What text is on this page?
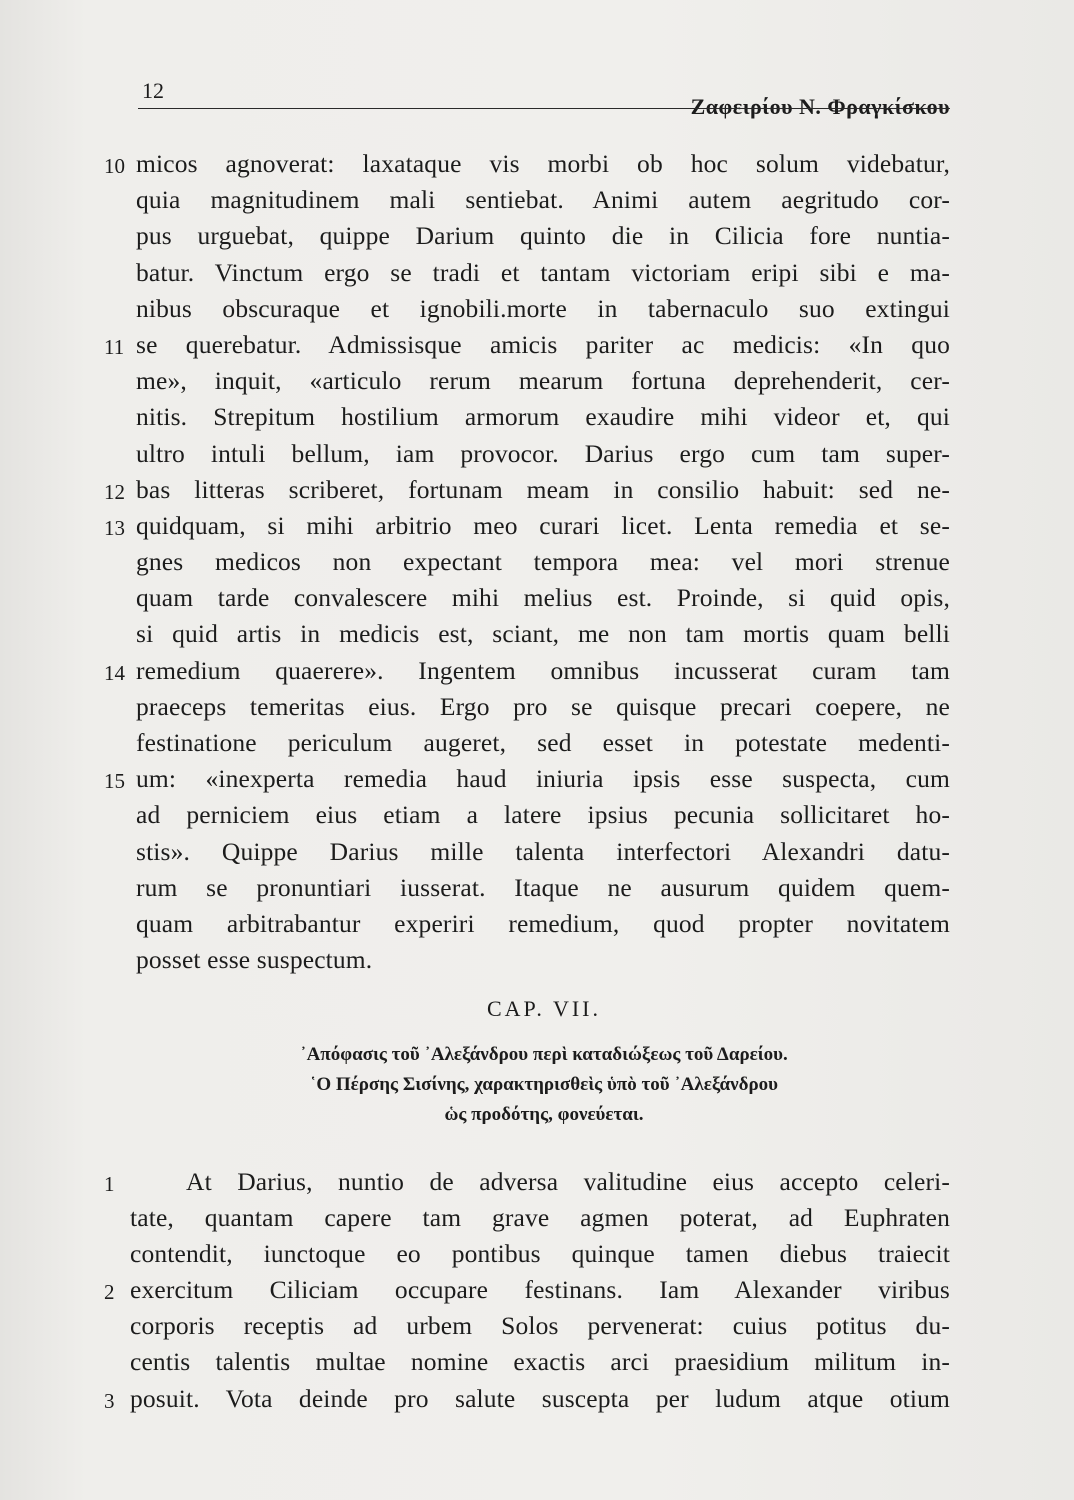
12
Ζαφειρίου Ν. Φραγκίσκου
10 micos agnoverat: laxataque vis morbi ob hoc solum videbatur,
quia magnitudinem mali sentiebat. Animi autem aegritudo cor-
pus urguebat, quippe Darium quinto die in Cilicia fore nuntia-
batur. Vinctum ergo se tradi et tantam victoriam eripi sibi e ma-
nibus obscuraque et ignobili.morte in tabernaculo suo extingui
11 se querebatur. Admissisque amicis pariter ac medicis: «In quo
me», inquit, «articulo rerum mearum fortuna deprehenderit, cer-
nitis. Strepitum hostilium armorum exaudire mihi videor et, qui
ultro intuli bellum, iam provocor. Darius ergo cum tam super-
12 bas litteras scriberet, fortunam meam in consilio habuit: sed ne-
13 quidquam, si mihi arbitrio meo curari licet. Lenta remedia et se-
gnes medicos non expectant tempora mea: vel mori strenue
quam tarde convalescere mihi melius est. Proinde, si quid opis,
si quid artis in medicis est, sciant, me non tam mortis quam belli
14 remedium quaerere». Ingentem omnibus incusserat curam tam
praeceps temeritas eius. Ergo pro se quisque precari coepere, ne
festinatione periculum augeret, sed esset in potestate medenti-
15 um: «inexperta remedia haud iniuria ipsis esse suspecta, cum
ad perniciem eius etiam a latere ipsius pecunia sollicitaret ho-
stis». Quippe Darius mille talenta interfectori Alexandri datu-
rum se pronuntiari iusserat. Itaque ne ausurum quidem quem-
quam arbitrabantur experiri remedium, quod propter novitatem
posset esse suspectum.
CAP. VII.
᾿Απόφασις τοῦ ᾿Αλεξάνδρου περὶ καταδιώξεως τοῦ Δαρείου.
῾Ο Πέρσης Σισίνης, χαρακτηρισθεὶς ὑπὸ τοῦ ᾿Αλεξάνδρου
ὡς προδότης, φονεύεται.
1	At Darius, nuntio de adversa valitudine eius accepto celeri-
tate, quantam capere tam grave agmen poterat, ad Euphraten
contendit, iunctoque eo pontibus quinque tamen diebus traiecit
2 exercitum Ciliciam occupare festinans. Iam Alexander viribus
corporis receptis ad urbem Solos pervenerat: cuius potitus du-
centis talentis multae nomine exactis arci praesidium militum in-
3 posuit. Vota deinde pro salute suscepta per ludum atque otium
